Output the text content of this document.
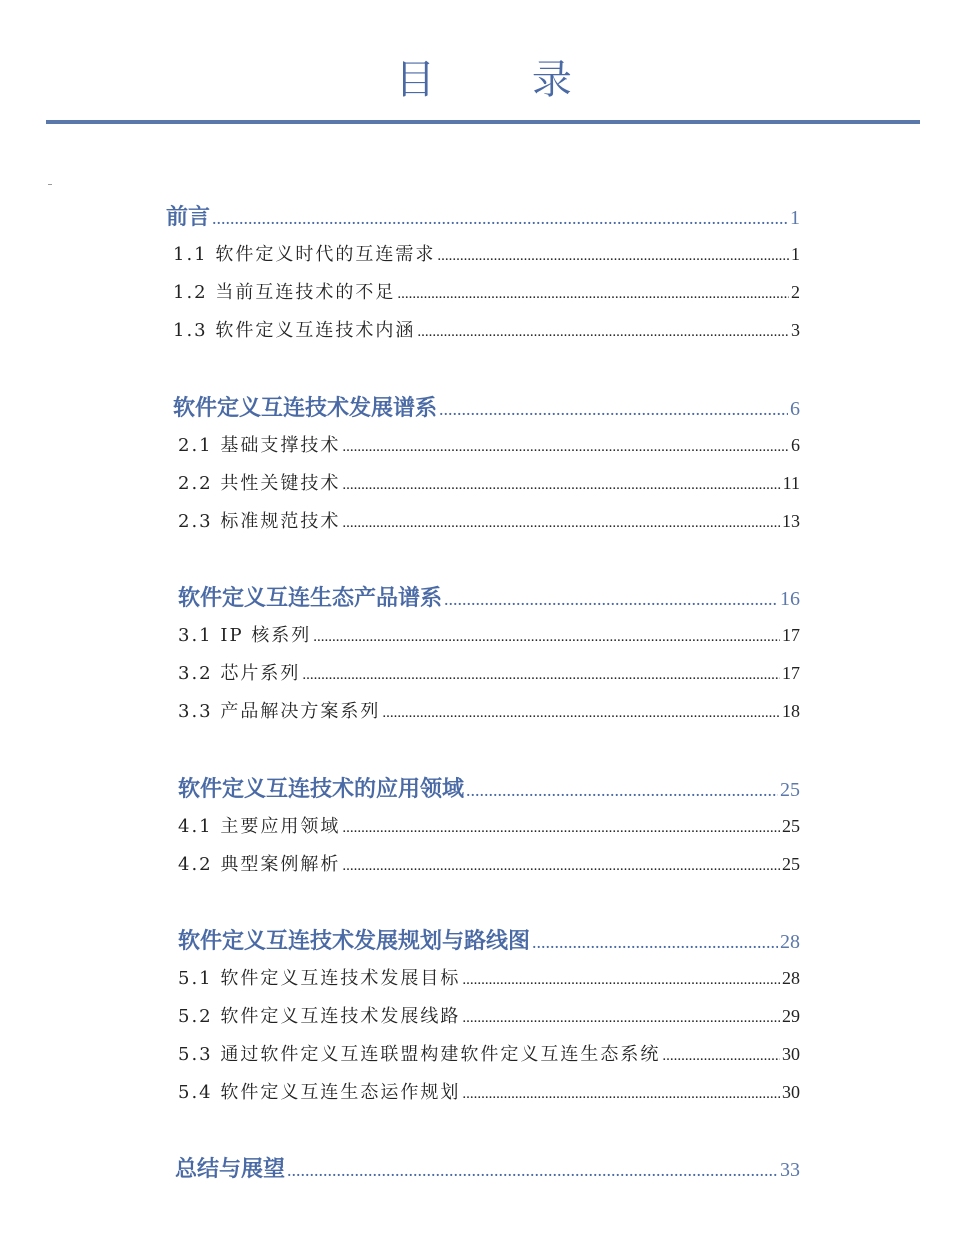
目 录
前言 .....	1
1.1 软件定义时代的互连需求 .....	1
1.2 当前互连技术的不足 .....	2
1.3 软件定义互连技术内涵 .....	3
软件定义互连技术发展谱系 .....	6
2.1 基础支撑技术 .....	6
2.2 共性关键技术 .....	11
2.3 标准规范技术 .....	13
软件定义互连生态产品谱系 .....	16
3.1 IP 核系列 .....	17
3.2 芯片系列 .....	17
3.3 产品解决方案系列 .....	18
软件定义互连技术的应用领域 .....	25
4.1 主要应用领域 .....	25
4.2 典型案例解析 .....	25
软件定义互连技术发展规划与路线图 .....	28
5.1 软件定义互连技术发展目标 .....	28
5.2 软件定义互连技术发展线路 .....	29
5.3 通过软件定义互连联盟构建软件定义互连生态系统 .....	30
5.4 软件定义互连生态运作规划 .....	30
总结与展望 .....	33
